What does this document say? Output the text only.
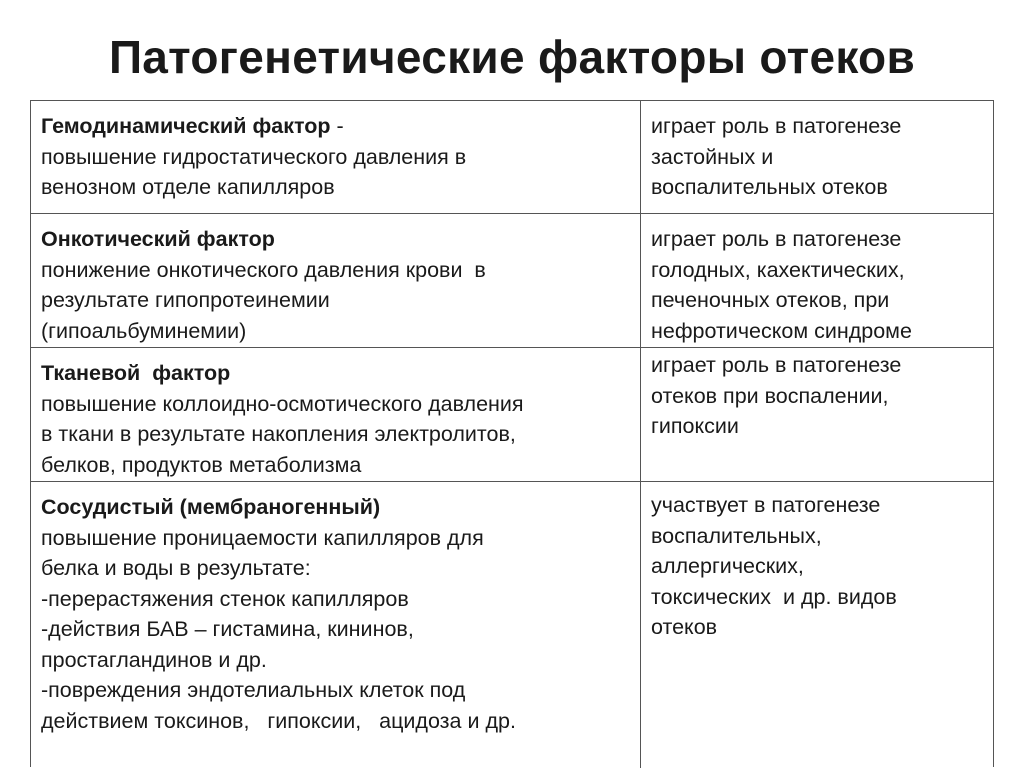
Патогенетические факторы отеков
Гемодинамический фактор -
повышение гидростатического давления в
венозном отделе капилляров
играет роль в патогенезе
застойных и
воспалительных отеков
Онкотический фактор
понижение онкотического давления крови  в
результате гипопротеинемии
(гипоальбуминемии)
играет роль в патогенезе
голодных, кахектических,
печеночных отеков, при
нефротическом синдроме
Тканевой  фактор
повышение коллоидно-осмотического давления
в ткани в результате накопления электролитов,
белков, продуктов метаболизма
играет роль в патогенезе
отеков при воспалении,
гипоксии
Сосудистый (мембраногенный)
повышение проницаемости капилляров для
белка и воды в результате:
-перерастяжения стенок капилляров
-действия БАВ – гистамина, кининов,
простагландинов и др.
-повреждения эндотелиальных клеток под
действием токсинов,   гипоксии,   ацидоза и др.
участвует в патогенезе
воспалительных,
аллергических,
токсических  и др. видов
отеков
